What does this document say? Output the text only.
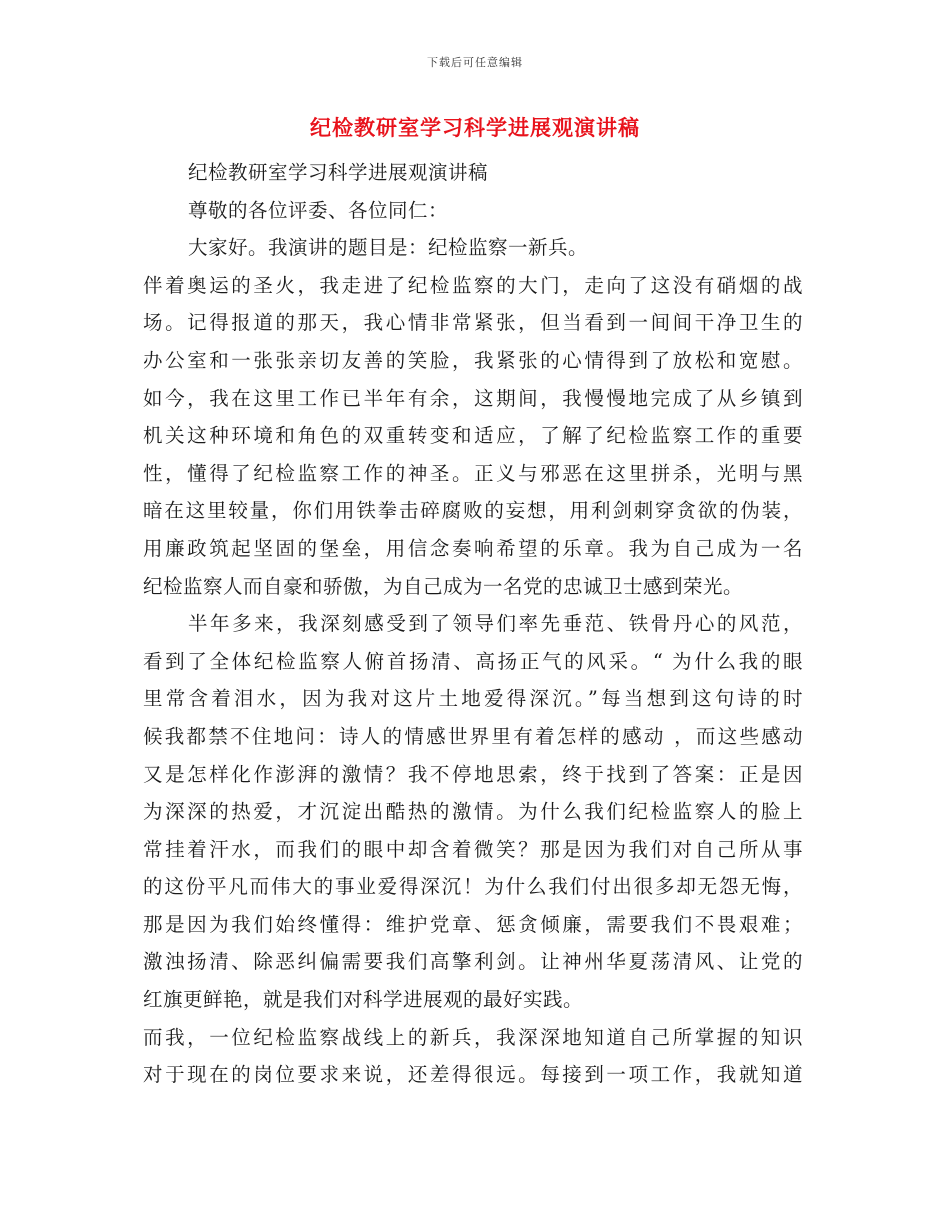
下载后可任意编辑
纪检教研室学习科学进展观演讲稿
纪检教研室学习科学进展观演讲稿
尊敬的各位评委、各位同仁：
大家好。我演讲的题目是：纪检监察一新兵。
伴着奥运的圣火，我走进了纪检监察的大门，走向了这没有硝烟的战
场。记得报道的那天，我心情非常紧张，但当看到一间间干净卫生的
办公室和一张张亲切友善的笑脸，我紧张的心情得到了放松和宽慰。
如今，我在这里工作已半年有余，这期间，我慢慢地完成了从乡镇到
机关这种环境和角色的双重转变和适应，了解了纪检监察工作的重要
性，懂得了纪检监察工作的神圣。正义与邪恶在这里拼杀，光明与黑
暗在这里较量，你们用铁拳击碎腐败的妄想，用利剑刺穿贪欲的伪装，
用廉政筑起坚固的堡垒，用信念奏响希望的乐章。我为自己成为一名
纪检监察人而自豪和骄傲，为自己成为一名党的忠诚卫士感到荣光。
半年多来，我深刻感受到了领导们率先垂范、铁骨丹心的风范，
看到了全体纪检监察人俯首扬清、高扬正气的风采。“ 为什么我的眼
里常含着泪水，因为我对这片土地爱得深沉。”每当想到这句诗的时
候我都禁不住地问：诗人的情感世界里有着怎样的感动 ，而这些感动
又是怎样化作澎湃的激情？我不停地思索，终于找到了答案：正是因
为深深的热爱，才沉淀出酷热的激情。为什么我们纪检监察人的脸上
常挂着汗水，而我们的眼中却含着微笑？那是因为我们对自己所从事
的这份平凡而伟大的事业爱得深沉！为什么我们付出很多却无怨无悔，
那是因为我们始终懂得：维护党章、惩贪倾廉，需要我们不畏艰难；
激浊扬清、除恶纠偏需要我们高擎利剑。让神州华夏荡清风、让党的
红旗更鲜艳，就是我们对科学进展观的最好实践。
而我，一位纪检监察战线上的新兵，我深深地知道自己所掌握的知识
对于现在的岗位要求来说，还差得很远。每接到一项工作，我就知道
